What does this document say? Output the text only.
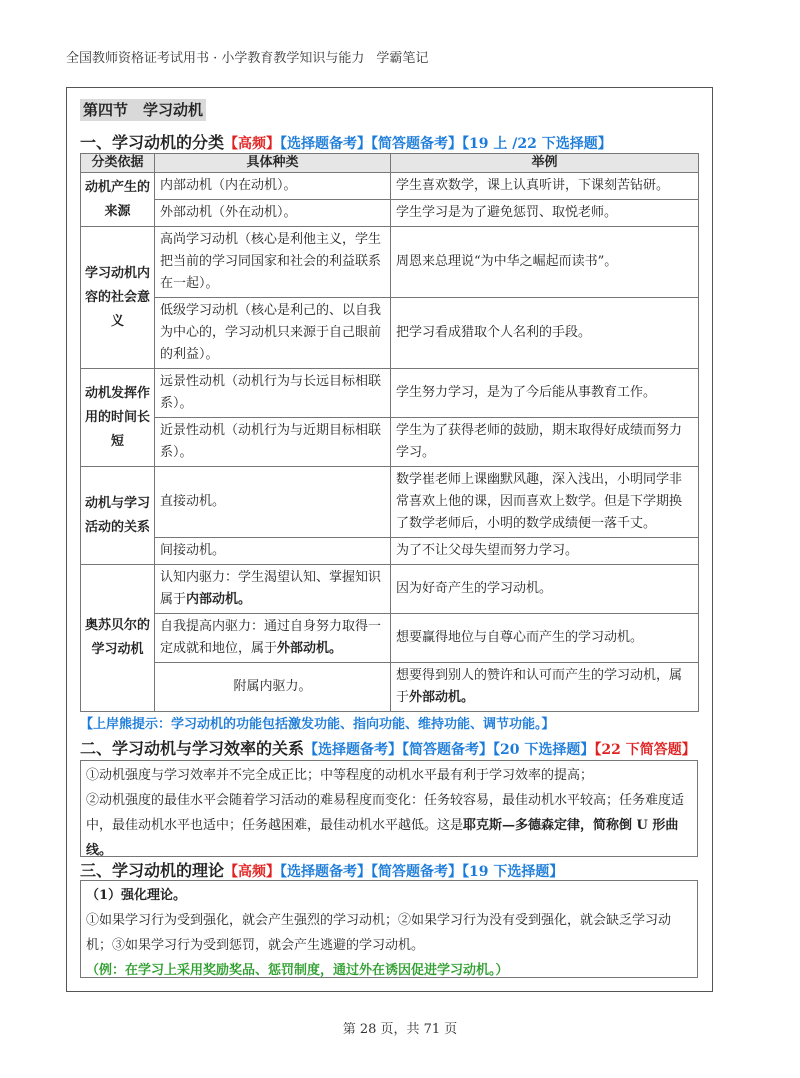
全国教师资格证考试用书 · 小学教育教学知识与能力 学霸笔记
第四节　学习动机
一、学习动机的分类【高频】【选择题备考】【简答题备考】【19 上 /22 下选择题】
分类依据	具体种类	举例
动机产生的来源	内部动机（内在动机）。	学生喜欢数学，课上认真听讲，下课刻苦钻研。
	外部动机（外在动机）。	学生学习是为了避免惩罚、取悦老师。
学习动机内容的社会意义	高尚学习动机（核心是利他主义，学生把当前的学习同国家和社会的利益联系在一起）。	周恩来总理说“为中华之崛起而读书”。
	低级学习动机（核心是利己的、以自我为中心的，学习动机只来源于自己眼前的利益）。	把学习看成猎取个人名利的手段。
动机发挥作用的时间长短	远景性动机（动机行为与长远目标相联系）。	学生努力学习，是为了今后能从事教育工作。
	近景性动机（动机行为与近期目标相联系）。	学生为了获得老师的鼓励，期末取得好成绩而努力学习。
动机与学习活动的关系	直接动机。	数学崔老师上课幽默风趣，深入浅出，小明同学非常喜欢上他的课，因而喜欢上数学。但是下学期换了数学老师后，小明的数学成绩便一落千丈。
	间接动机。	为了不让父母失望而努力学习。
奥苏贝尔的学习动机	认知内驱力：学生渴望认知、掌握知识属于内部动机。	因为好奇产生的学习动机。
	自我提高内驱力：通过自身努力取得一定成就和地位，属于外部动机。	想要赢得地位与自尊心而产生的学习动机。
	附属内驱力。	想要得到别人的赞许和认可而产生的学习动机，属于外部动机。
【上岸熊提示：学习动机的功能包括激发功能、指向功能、维持功能、调节功能。】
二、学习动机与学习效率的关系【选择题备考】【简答题备考】【20 下选择题】【22 下简答题】
①动机强度与学习效率并不完全成正比；中等程度的动机水平最有利于学习效率的提高；
②动机强度的最佳水平会随着学习活动的难易程度而变化：任务较容易，最佳动机水平较高；任务难度适中，最佳动机水平也适中；任务越困难，最佳动机水平越低。这是耶克斯—多德森定律，简称倒 U 形曲线。
三、学习动机的理论【高频】【选择题备考】【简答题备考】【19 下选择题】
（1）强化理论。
①如果学习行为受到强化，就会产生强烈的学习动机；②如果学习行为没有受到强化，就会缺乏学习动机；③如果学习行为受到惩罚，就会产生逃避的学习动机。
（例：在学习上采用奖励奖品、惩罚制度，通过外在诱因促进学习动机。）
第 28 页，共 71 页
